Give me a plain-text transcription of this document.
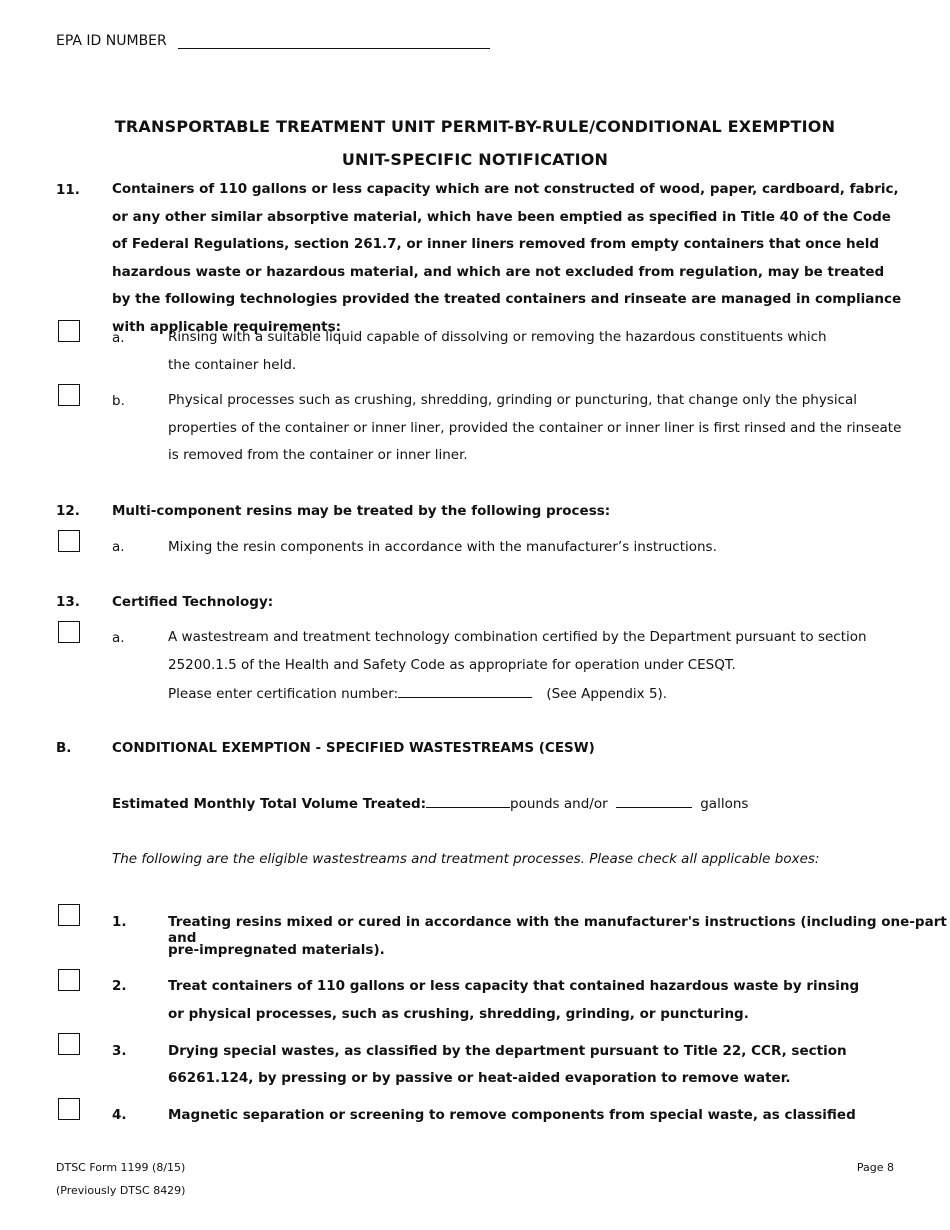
EPA ID NUMBER
TRANSPORTABLE TREATMENT UNIT PERMIT-BY-RULE/CONDITIONAL EXEMPTION
UNIT-SPECIFIC NOTIFICATION
11. Containers of 110 gallons or less capacity which are not constructed of wood, paper, cardboard, fabric, or any other similar absorptive material, which have been emptied as specified in Title 40 of the Code of Federal Regulations, section 261.7, or inner liners removed from empty containers that once held hazardous waste or hazardous material, and which are not excluded from regulation, may be treated by the following technologies provided the treated containers and rinseate are managed in compliance with applicable requirements:
a.	Rinsing with a suitable liquid capable of dissolving or removing the hazardous constituents which the container held.
b.	Physical processes such as crushing, shredding, grinding or puncturing, that change only the physical properties of the container or inner liner, provided the container or inner liner is first rinsed and the rinseate is removed from the container or inner liner.
12. Multi-component resins may be treated by the following process:
a.	Mixing the resin components in accordance with the manufacturer’s instructions.
13. Certified Technology:
a.	A wastestream and treatment technology combination certified by the Department pursuant to section 25200.1.5 of the Health and Safety Code as appropriate for operation under CESQT.
Please enter certification number:	(See Appendix 5).
B.	CONDITIONAL EXEMPTION - SPECIFIED WASTESTREAMS (CESW)
Estimated Monthly Total Volume Treated:	pounds and/or	gallons
The following are the eligible wastestreams and treatment processes. Please check all applicable boxes:
1.	Treating resins mixed or cured in accordance with the manufacturer's instructions (including one-part and
pre-impregnated materials).
2.	Treat containers of 110 gallons or less capacity that contained hazardous waste by rinsing
or physical processes, such as crushing, shredding, grinding, or puncturing.
3.	Drying special wastes, as classified by the department pursuant to Title 22, CCR, section
66261.124, by pressing or by passive or heat-aided evaporation to remove water.
4.	Magnetic separation or screening to remove components from special waste, as classified
DTSC Form 1199 (8/15)
(Previously DTSC 8429)
Page 8
